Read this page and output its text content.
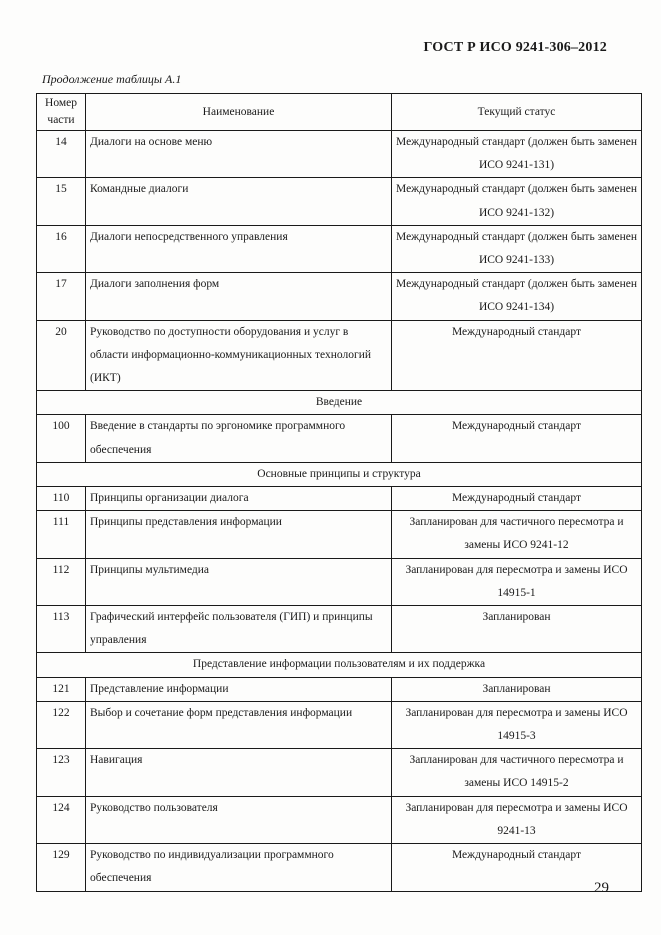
ГОСТ Р ИСО 9241-306–2012
Продолжение таблицы А.1
Номер части	Наименование	Текущий статус
14	Диалоги на основе меню	Международный стандарт (должен быть заменен ИСО 9241-131)
15	Командные диалоги	Международный стандарт (должен быть заменен ИСО 9241-132)
16	Диалоги непосредственного управления	Международный стандарт (должен быть заменен ИСО 9241-133)
17	Диалоги заполнения форм	Международный стандарт (должен быть заменен ИСО 9241-134)
20	Руководство по доступности оборудования и услуг в области информационно-коммуникационных технологий (ИКТ)	Международный стандарт
Введение		
100	Введение в стандарты по эргономике программного обеспечения	Международный стандарт
Основные принципы и структура		
110	Принципы организации диалога	Международный стандарт
111	Принципы представления информации	Запланирован для частичного пересмотра и замены ИСО 9241-12
112	Принципы мультимедиа	Запланирован для пересмотра и замены ИСО 14915-1
113	Графический интерфейс пользователя (ГИП) и принципы управления	Запланирован
Представление информации пользователям и их поддержка		
121	Представление информации	Запланирован
122	Выбор и сочетание форм представления информации	Запланирован для пересмотра и замены ИСО 14915-3
123	Навигация	Запланирован для частичного пересмотра и замены ИСО 14915-2
124	Руководство пользователя	Запланирован для пересмотра и замены ИСО 9241-13
129	Руководство по индивидуализации программного обеспечения	Международный стандарт
29
